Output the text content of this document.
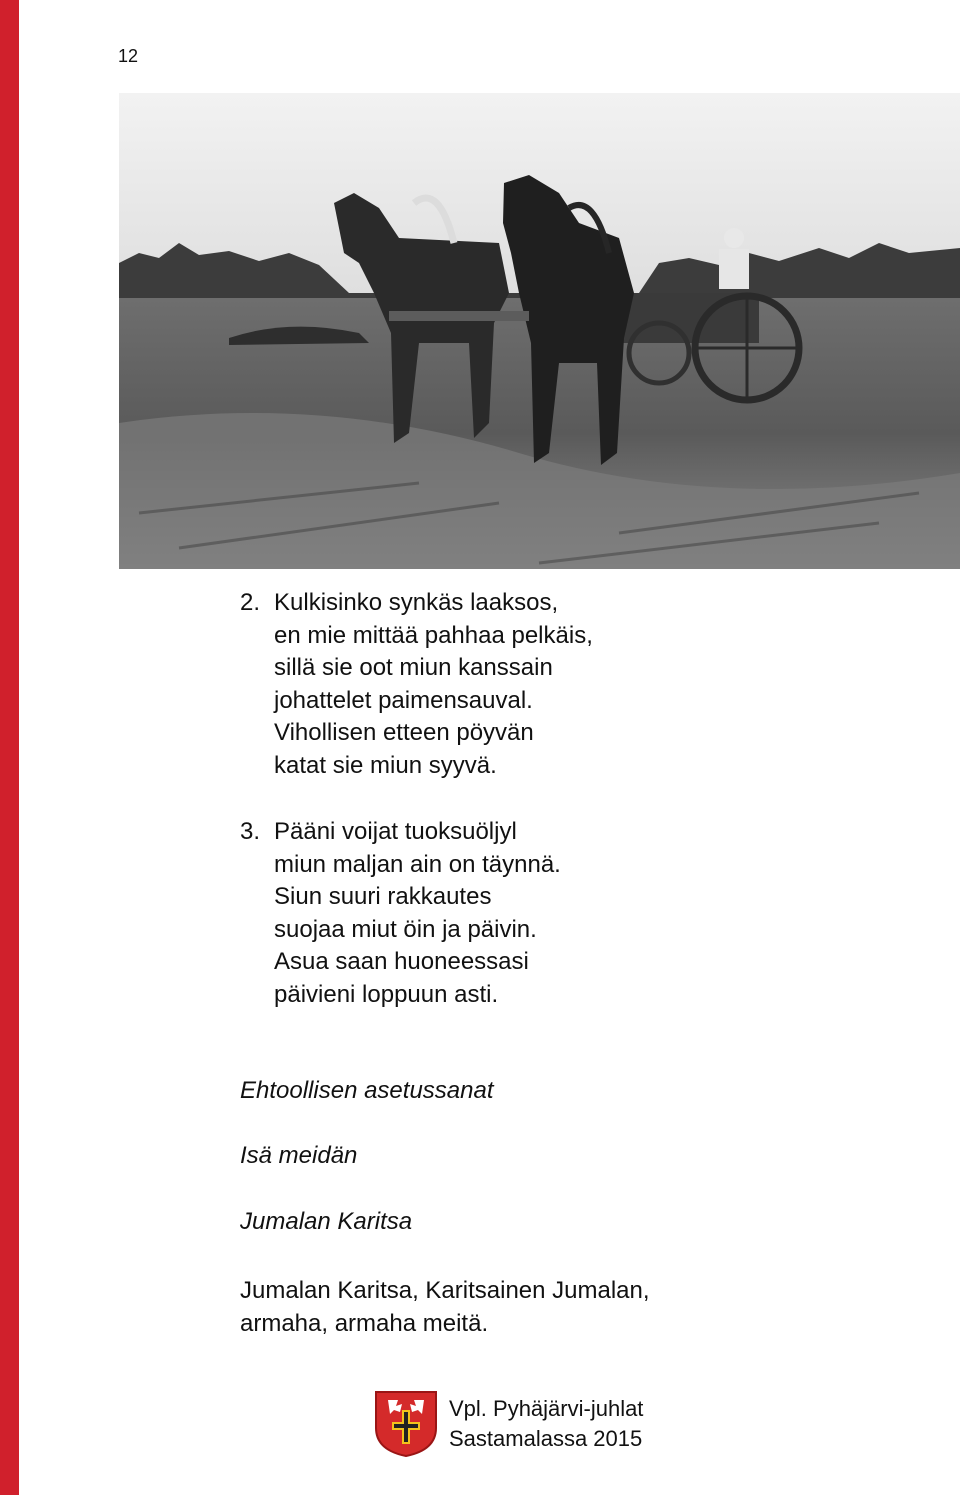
12
2. Kulkisinko synkäs laaksos,
en mie mittää pahhaa pelkäis,
sillä sie oot miun kanssain
johattelet paimensauval.
Vihollisen etteen pöyvän
katat sie miun syyvä.
3. Pääni voijat tuoksuöljyl
miun maljan ain on täynnä.
Siun suuri rakkautes
suojaa miut öin ja päivin.
Asua saan huoneessasi
päivieni loppuun asti.
Ehtoollisen asetussanat
Isä meidän
Jumalan Karitsa
Jumalan Karitsa, Karitsainen Jumalan,
armaha, armaha meitä.
Vpl. Pyhäjärvi-juhlat
Sastamalassa 2015
